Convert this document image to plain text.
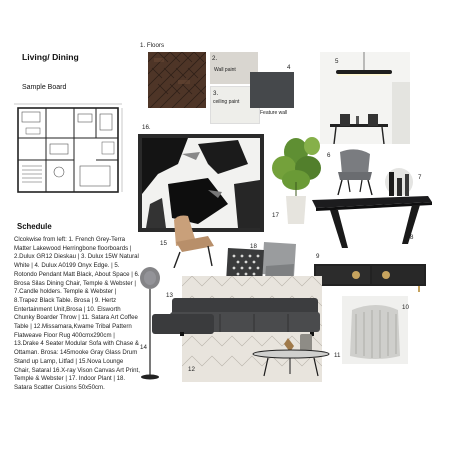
Living/ Dining
Sample Board
Schedule
Clcokwise from left: 1. French Grey-Terra Matter Lakewood Herringbone floorboards | 2.Dulux GR12 Dieskau | 3. Dulux 15W Natural White | 4. Dulux A0199 Onyx Edge. | 5. Rotondo Pendant Matt Black, About Space | 6. Brosa Silas Dining Chair, Temple & Webster | 7.Candle holders. Temple & Webster | 8.Trapez Black Table. Brosa | 9. Hertz Entertainment Unit,Brosa | 10. Elsworth Chunky Boarder Throw | 11. Satara Art Coffee Table | 12.Missamara,Kwame Tribal Pattern Flatweave Floor Rug 400cmx290cm | 13.Drake 4 Seater Modular Sofa with Chase & Ottaman. Brosa: 145mooke Gray Glass Drum Stand up Lamp, Litfad | 15.Nova Lounge Chair, Sataral 16.X-ray Vison Canvas Art Print, Temple & Webster | 17. Indoor Plant | 18. Satara Scatter Cusions 50x50cm.
1. Floors
2.
Wall paint
3.
ceiling paint
4
Feature wall
5
16.
17
6
7
8
15	18
9
14
12
13
11
10
